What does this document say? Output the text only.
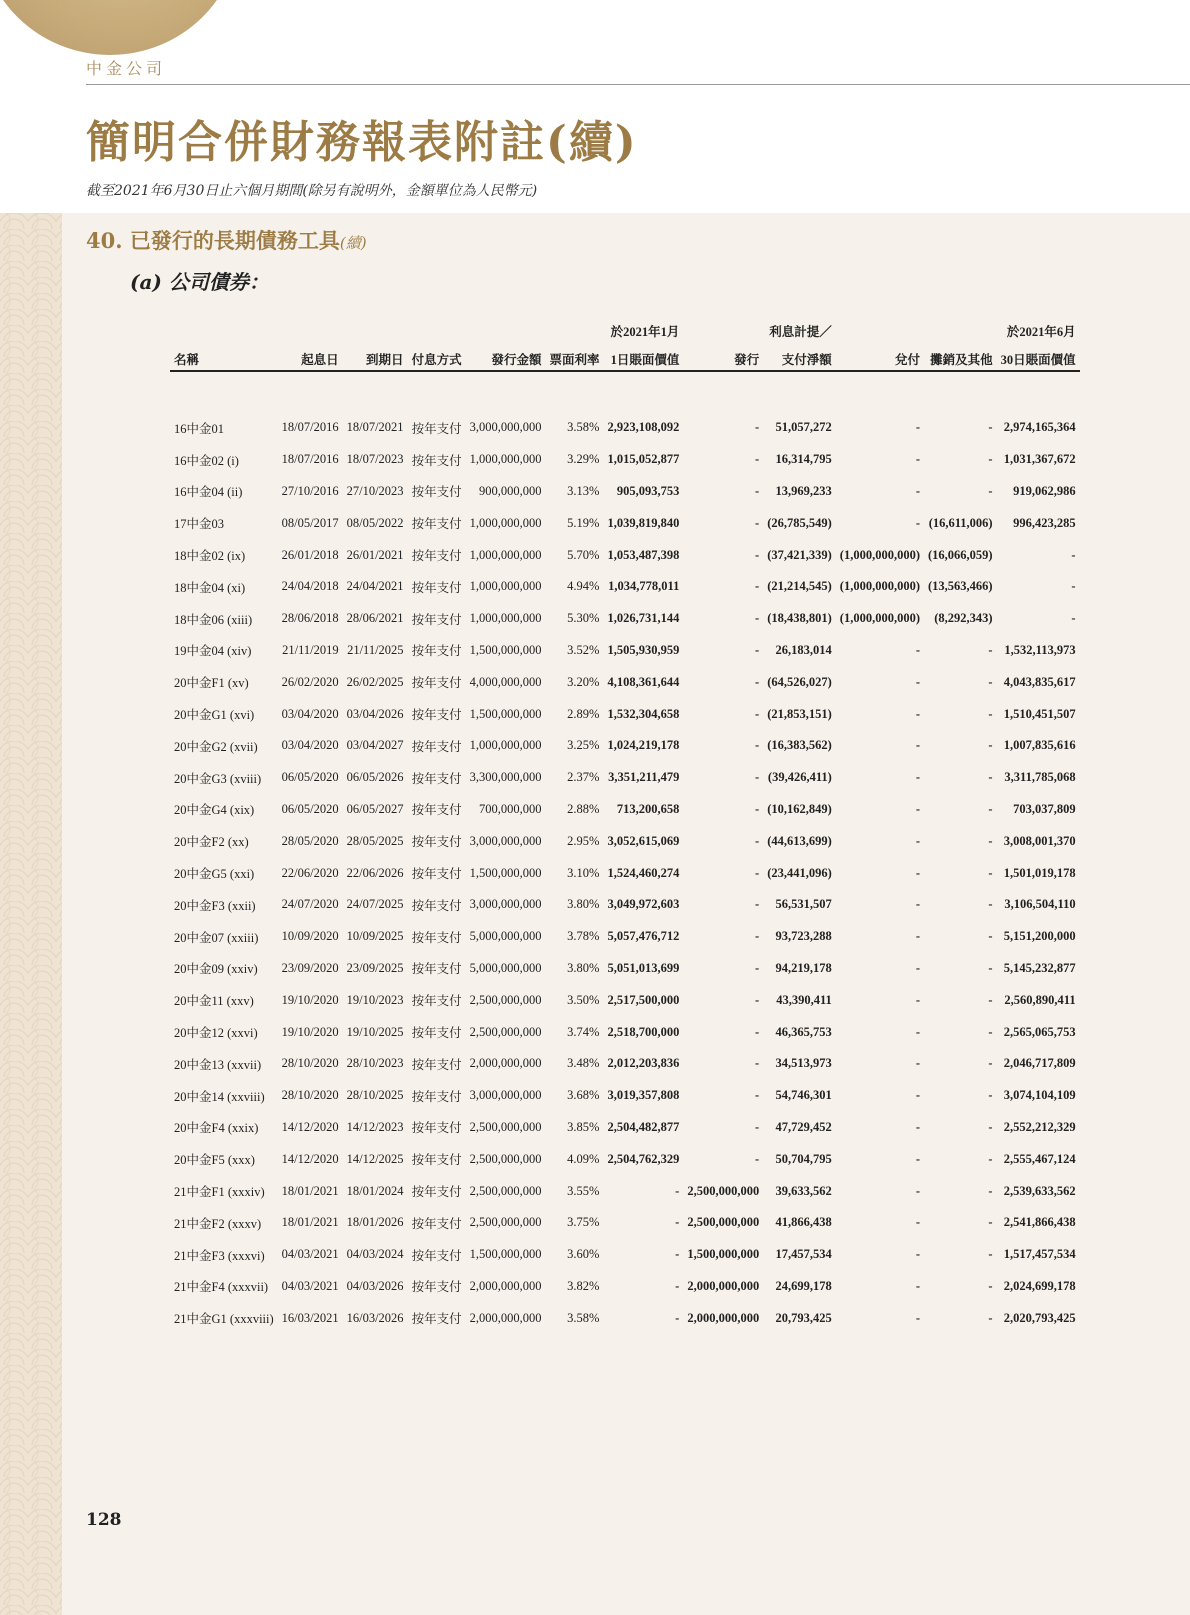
中金公司
簡明合併財務報表附註(續)
截至2021年6月30日止六個月期間(除另有說明外，金額單位為人民幣元)
40. 已發行的長期債務工具(續)
(a) 公司債券：
						於2021年1月		利息計提／			於2021年6月
名稱	起息日	到期日	付息方式	發行金額	票面利率	1日賬面價值	發行	支付淨額	兌付	攤銷及其他	30日賬面價值

16中金01	18/07/2016	18/07/2021	按年支付	3,000,000,000	3.58%	2,923,108,092	-	51,057,272	-	-	2,974,165,364
16中金02 (i)	18/07/2016	18/07/2023	按年支付	1,000,000,000	3.29%	1,015,052,877	-	16,314,795	-	-	1,031,367,672
16中金04 (ii)	27/10/2016	27/10/2023	按年支付	900,000,000	3.13%	905,093,753	-	13,969,233	-	-	919,062,986
17中金03	08/05/2017	08/05/2022	按年支付	1,000,000,000	5.19%	1,039,819,840	-	(26,785,549)	-	(16,611,006)	996,423,285
18中金02 (ix)	26/01/2018	26/01/2021	按年支付	1,000,000,000	5.70%	1,053,487,398	-	(37,421,339)	(1,000,000,000)	(16,066,059)	-
18中金04 (xi)	24/04/2018	24/04/2021	按年支付	1,000,000,000	4.94%	1,034,778,011	-	(21,214,545)	(1,000,000,000)	(13,563,466)	-
18中金06 (xiii)	28/06/2018	28/06/2021	按年支付	1,000,000,000	5.30%	1,026,731,144	-	(18,438,801)	(1,000,000,000)	(8,292,343)	-
19中金04 (xiv)	21/11/2019	21/11/2025	按年支付	1,500,000,000	3.52%	1,505,930,959	-	26,183,014	-	-	1,532,113,973
20中金F1 (xv)	26/02/2020	26/02/2025	按年支付	4,000,000,000	3.20%	4,108,361,644	-	(64,526,027)	-	-	4,043,835,617
20中金G1 (xvi)	03/04/2020	03/04/2026	按年支付	1,500,000,000	2.89%	1,532,304,658	-	(21,853,151)	-	-	1,510,451,507
20中金G2 (xvii)	03/04/2020	03/04/2027	按年支付	1,000,000,000	3.25%	1,024,219,178	-	(16,383,562)	-	-	1,007,835,616
20中金G3 (xviii)	06/05/2020	06/05/2026	按年支付	3,300,000,000	2.37%	3,351,211,479	-	(39,426,411)	-	-	3,311,785,068
20中金G4 (xix)	06/05/2020	06/05/2027	按年支付	700,000,000	2.88%	713,200,658	-	(10,162,849)	-	-	703,037,809
20中金F2 (xx)	28/05/2020	28/05/2025	按年支付	3,000,000,000	2.95%	3,052,615,069	-	(44,613,699)	-	-	3,008,001,370
20中金G5 (xxi)	22/06/2020	22/06/2026	按年支付	1,500,000,000	3.10%	1,524,460,274	-	(23,441,096)	-	-	1,501,019,178
20中金F3 (xxii)	24/07/2020	24/07/2025	按年支付	3,000,000,000	3.80%	3,049,972,603	-	56,531,507	-	-	3,106,504,110
20中金07 (xxiii)	10/09/2020	10/09/2025	按年支付	5,000,000,000	3.78%	5,057,476,712	-	93,723,288	-	-	5,151,200,000
20中金09 (xxiv)	23/09/2020	23/09/2025	按年支付	5,000,000,000	3.80%	5,051,013,699	-	94,219,178	-	-	5,145,232,877
20中金11 (xxv)	19/10/2020	19/10/2023	按年支付	2,500,000,000	3.50%	2,517,500,000	-	43,390,411	-	-	2,560,890,411
20中金12 (xxvi)	19/10/2020	19/10/2025	按年支付	2,500,000,000	3.74%	2,518,700,000	-	46,365,753	-	-	2,565,065,753
20中金13 (xxvii)	28/10/2020	28/10/2023	按年支付	2,000,000,000	3.48%	2,012,203,836	-	34,513,973	-	-	2,046,717,809
20中金14 (xxviii)	28/10/2020	28/10/2025	按年支付	3,000,000,000	3.68%	3,019,357,808	-	54,746,301	-	-	3,074,104,109
20中金F4 (xxix)	14/12/2020	14/12/2023	按年支付	2,500,000,000	3.85%	2,504,482,877	-	47,729,452	-	-	2,552,212,329
20中金F5 (xxx)	14/12/2020	14/12/2025	按年支付	2,500,000,000	4.09%	2,504,762,329	-	50,704,795	-	-	2,555,467,124
21中金F1 (xxxiv)	18/01/2021	18/01/2024	按年支付	2,500,000,000	3.55%	-	2,500,000,000	39,633,562	-	-	2,539,633,562
21中金F2 (xxxv)	18/01/2021	18/01/2026	按年支付	2,500,000,000	3.75%	-	2,500,000,000	41,866,438	-	-	2,541,866,438
21中金F3 (xxxvi)	04/03/2021	04/03/2024	按年支付	1,500,000,000	3.60%	-	1,500,000,000	17,457,534	-	-	1,517,457,534
21中金F4 (xxxvii)	04/03/2021	04/03/2026	按年支付	2,000,000,000	3.82%	-	2,000,000,000	24,699,178	-	-	2,024,699,178
21中金G1 (xxxviii)	16/03/2021	16/03/2026	按年支付	2,000,000,000	3.58%	-	2,000,000,000	20,793,425	-	-	2,020,793,425
128
